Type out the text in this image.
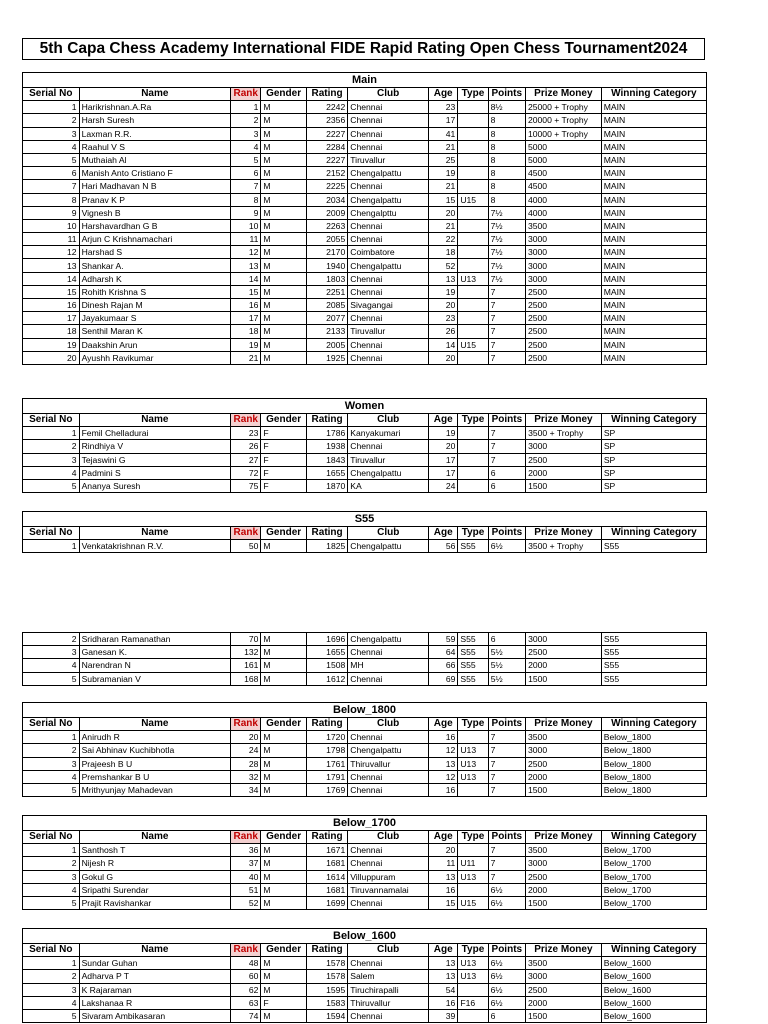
5th Capa Chess Academy International FIDE Rapid Rating Open Chess Tournament2024
Main										
Serial No	Name	Rank	Gender	Rating	Club	Age	Type	Points	Prize Money	Winning Category
1	Harikrishnan.A.Ra	1	M	2242	Chennai	23		8½	25000 + Trophy	MAIN
2	Harsh Suresh	2	M	2356	Chennai	17		8	20000 + Trophy	MAIN
3	Laxman R.R.	3	M	2227	Chennai	41		8	10000 + Trophy	MAIN
4	Raahul V S	4	M	2284	Chennai	21		8	5000	MAIN
5	Muthaiah Al	5	M	2227	Tiruvallur	25		8	5000	MAIN
6	Manish Anto Cristiano F	6	M	2152	Chengalpattu	19		8	4500	MAIN
7	Hari Madhavan N B	7	M	2225	Chennai	21		8	4500	MAIN
8	Pranav K P	8	M	2034	Chengalpattu	15	U15	8	4000	MAIN
9	Vignesh B	9	M	2009	Chengalpttu	20		7½	4000	MAIN
10	Harshavardhan G B	10	M	2263	Chennai	21		7½	3500	MAIN
11	Arjun C Krishnamachari	11	M	2055	Chennai	22		7½	3000	MAIN
12	Harshad S	12	M	2170	Coimbatore	18		7½	3000	MAIN
13	Shankar A.	13	M	1940	Chengalpattu	52		7½	3000	MAIN
14	Adharsh K	14	M	1803	Chennai	13	U13	7½	3000	MAIN
15	Rohith Krishna S	15	M	2251	Chennai	19		7	2500	MAIN
16	Dinesh Rajan M	16	M	2085	Sivagangai	20		7	2500	MAIN
17	Jayakumaar S	17	M	2077	Chennai	23		7	2500	MAIN
18	Senthil Maran K	18	M	2133	Tiruvallur	26		7	2500	MAIN
19	Daakshin Arun	19	M	2005	Chennai	14	U15	7	2500	MAIN
20	Ayushh Ravikumar	21	M	1925	Chennai	20		7	2500	MAIN
Women										
Serial No	Name	Rank	Gender	Rating	Club	Age	Type	Points	Prize Money	Winning Category
1	Femil Chelladurai	23	F	1786	Kanyakumari	19		7	3500 + Trophy	SP
2	Rindhiya V	26	F	1938	Chennai	20		7	3000	SP
3	Tejaswini G	27	F	1843	Tiruvallur	17		7	2500	SP
4	Padmini S	72	F	1655	Chengalpattu	17		6	2000	SP
5	Ananya Suresh	75	F	1870	KA	24		6	1500	SP
S55										
Serial No	Name	Rank	Gender	Rating	Club	Age	Type	Points	Prize Money	Winning Category
1	Venkatakrishnan R.V.	50	M	1825	Chengalpattu	56	S55	6½	3500 + Trophy	S55
2	Sridharan Ramanathan	70	M	1696	Chengalpattu	59	S55	6	3000	S55
3	Ganesan K.	132	M	1655	Chennai	64	S55	5½	2500	S55
4	Narendran N	161	M	1508	MH	66	S55	5½	2000	S55
5	Subramanian V	168	M	1612	Chennai	69	S55	5½	1500	S55
Below_1800										
Serial No	Name	Rank	Gender	Rating	Club	Age	Type	Points	Prize Money	Winning Category
1	Anirudh R	20	M	1720	Chennai	16		7	3500	Below_1800
2	Sai Abhinav Kuchibhotla	24	M	1798	Chengalpattu	12	U13	7	3000	Below_1800
3	Prajeesh B U	28	M	1761	Thiruvallur	13	U13	7	2500	Below_1800
4	Premshankar B U	32	M	1791	Chennai	12	U13	7	2000	Below_1800
5	Mrithyunjay Mahadevan	34	M	1769	Chennai	16		7	1500	Below_1800
Below_1700										
Serial No	Name	Rank	Gender	Rating	Club	Age	Type	Points	Prize Money	Winning Category
1	Santhosh T	36	M	1671	Chennai	20		7	3500	Below_1700
2	Nijesh R	37	M	1681	Chennai	11	U11	7	3000	Below_1700
3	Gokul G	40	M	1614	Villuppuram	13	U13	7	2500	Below_1700
4	Sripathi Surendar	51	M	1681	Tiruvannamalai	16		6½	2000	Below_1700
5	Prajit Ravishankar	52	M	1699	Chennai	15	U15	6½	1500	Below_1700
Below_1600										
Serial No	Name	Rank	Gender	Rating	Club	Age	Type	Points	Prize Money	Winning Category
1	Sundar Guhan	48	M	1578	Chennai	13	U13	6½	3500	Below_1600
2	Adharva P T	60	M	1578	Salem	13	U13	6½	3000	Below_1600
3	K Rajaraman	62	M	1595	Tiruchirapalli	54		6½	2500	Below_1600
4	Lakshanaa R	63	F	1583	Thiruvallur	16	F16	6½	2000	Below_1600
5	Sivaram Ambikasaran	74	M	1594	Chennai	39		6	1500	Below_1600
